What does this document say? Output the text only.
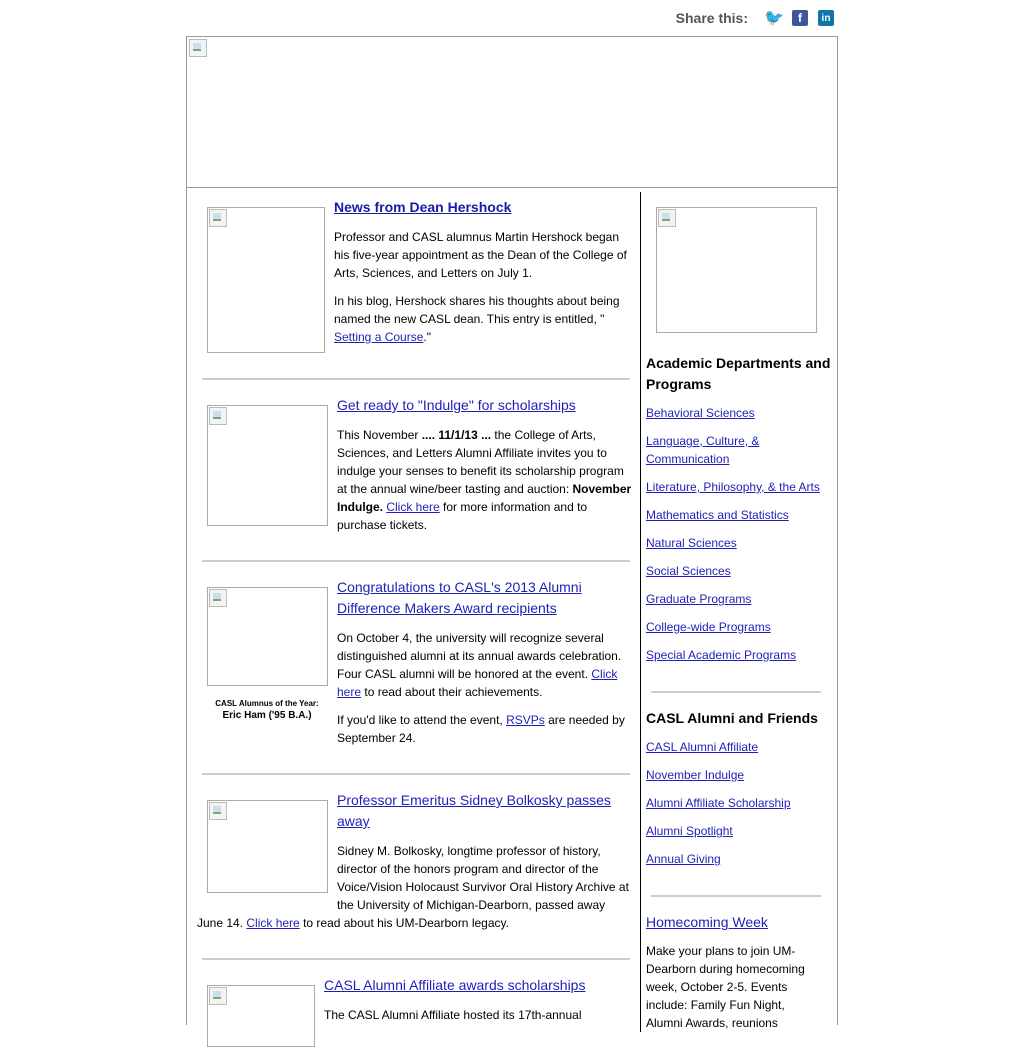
Share this: 🐦	f	in
News from Dean Hershock
Professor and CASL alumnus Martin Hershock began his five-year appointment as the Dean of the College of Arts, Sciences, and Letters on July 1.
In his blog, Hershock shares his thoughts about being named the new CASL dean. This entry is entitled, " Setting a Course."
Get ready to "Indulge" for scholarships
This November .... 11/1/13 ... the College of Arts, Sciences, and Letters Alumni Affiliate invites you to indulge your senses to benefit its scholarship program at the annual wine/beer tasting and auction: November Indulge. Click here for more information and to purchase tickets.
CASL Alumnus of the Year:
Eric Ham ('95 B.A.)
Congratulations to CASL's 2013 Alumni Difference Makers Award recipients
On October 4, the university will recognize several distinguished alumni at its annual awards celebration. Four CASL alumni will be honored at the event. Click here to read about their achievements.
If you'd like to attend the event, RSVPs are needed by September 24.
Professor Emeritus Sidney Bolkosky passes away
Sidney M. Bolkosky, longtime professor of history, director of the honors program and director of the Voice/Vision Holocaust Survivor Oral History Archive at the University of Michigan-Dearborn, passed away
June 14. Click here to read about his UM-Dearborn legacy.
CASL Alumni Affiliate awards scholarships
The CASL Alumni Affiliate hosted its 17th-annual
Academic Departments and Programs
Behavioral Sciences
Language, Culture, & Communication
Literature, Philosophy, & the Arts
Mathematics and Statistics
Natural Sciences
Social Sciences
Graduate Programs
College-wide Programs
Special Academic Programs
CASL Alumni and Friends
CASL Alumni Affiliate
November Indulge
Alumni Affiliate Scholarship
Alumni Spotlight
Annual Giving
Homecoming Week
Make your plans to join UM-Dearborn during homecoming week, October 2-5. Events include: Family Fun Night, Alumni Awards, reunions
